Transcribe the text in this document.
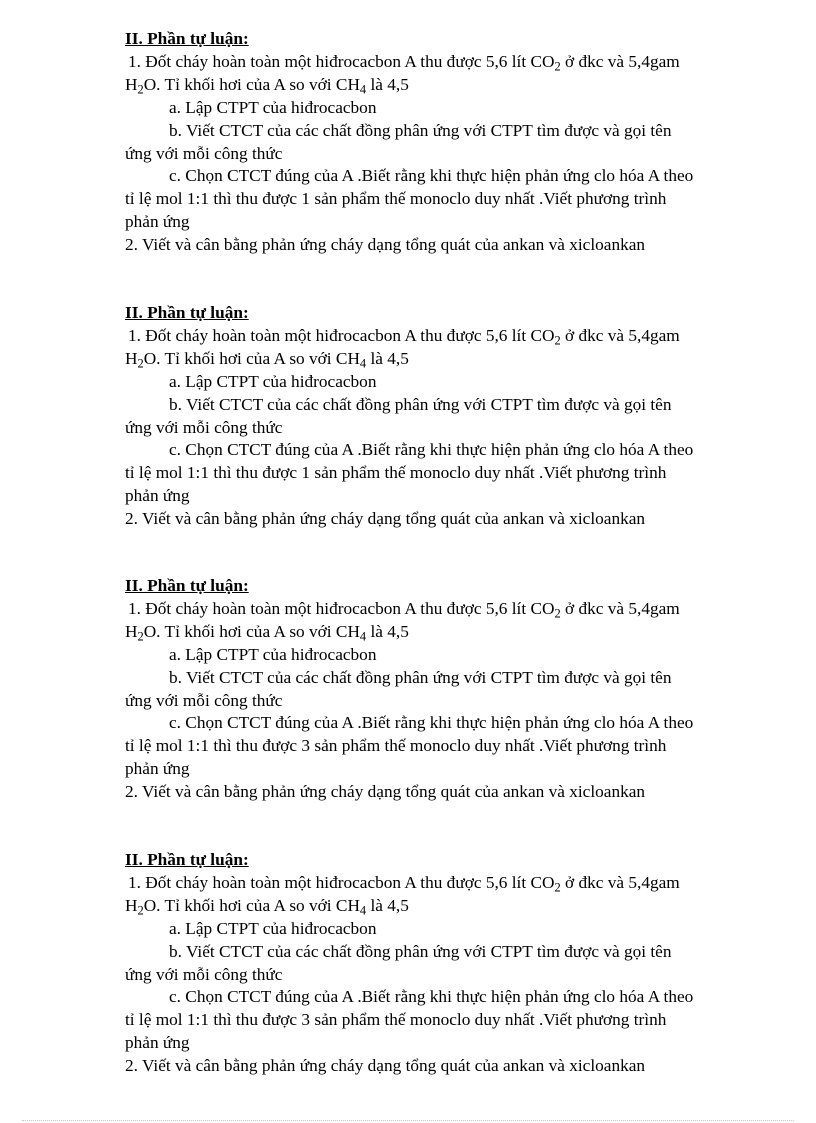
II. Phần tự luận:
1. Đốt cháy hoàn toàn một hiđrocacbon A thu được 5,6 lít $CO_2$ ở đkc và 5,4gam
$H_2O$. Tỉ khối hơi của A so với $CH_4$ là 4,5
a. Lập CTPT của hiđrocacbon
b. Viết CTCT của các chất đồng phân ứng với CTPT tìm được và gọi tên
ứng với mỗi công thức
c. Chọn CTCT đúng của A .Biết rằng khi thực hiện phản ứng clo hóa A theo
tỉ lệ mol 1:1 thì thu được 1 sản phẩm thế monoclo duy nhất .Viết phương trình
phản ứng
2. Viết và cân bằng phản ứng cháy dạng tổng quát của ankan và xicloankan
II. Phần tự luận:
1. Đốt cháy hoàn toàn một hiđrocacbon A thu được 5,6 lít $CO_2$ ở đkc và 5,4gam
$H_2O$. Tỉ khối hơi của A so với $CH_4$ là 4,5
a. Lập CTPT của hiđrocacbon
b. Viết CTCT của các chất đồng phân ứng với CTPT tìm được và gọi tên
ứng với mỗi công thức
c. Chọn CTCT đúng của A .Biết rằng khi thực hiện phản ứng clo hóa A theo
tỉ lệ mol 1:1 thì thu được 1 sản phẩm thế monoclo duy nhất .Viết phương trình
phản ứng
2. Viết và cân bằng phản ứng cháy dạng tổng quát của ankan và xicloankan
II. Phần tự luận:
1. Đốt cháy hoàn toàn một hiđrocacbon A thu được 5,6 lít $CO_2$ ở đkc và 5,4gam
$H_2O$. Tỉ khối hơi của A so với $CH_4$ là 4,5
a. Lập CTPT của hiđrocacbon
b. Viết CTCT của các chất đồng phân ứng với CTPT tìm được và gọi tên
ứng với mỗi công thức
c. Chọn CTCT đúng của A .Biết rằng khi thực hiện phản ứng clo hóa A theo
tỉ lệ mol 1:1 thì thu được 3 sản phẩm thế monoclo duy nhất .Viết phương trình
phản ứng
2. Viết và cân bằng phản ứng cháy dạng tổng quát của ankan và xicloankan
II. Phần tự luận:
1. Đốt cháy hoàn toàn một hiđrocacbon A thu được 5,6 lít $CO_2$ ở đkc và 5,4gam
$H_2O$. Tỉ khối hơi của A so với $CH_4$ là 4,5
a. Lập CTPT của hiđrocacbon
b. Viết CTCT của các chất đồng phân ứng với CTPT tìm được và gọi tên
ứng với mỗi công thức
c. Chọn CTCT đúng của A .Biết rằng khi thực hiện phản ứng clo hóa A theo
tỉ lệ mol 1:1 thì thu được 3 sản phẩm thế monoclo duy nhất .Viết phương trình
phản ứng
2. Viết và cân bằng phản ứng cháy dạng tổng quát của ankan và xicloankan
